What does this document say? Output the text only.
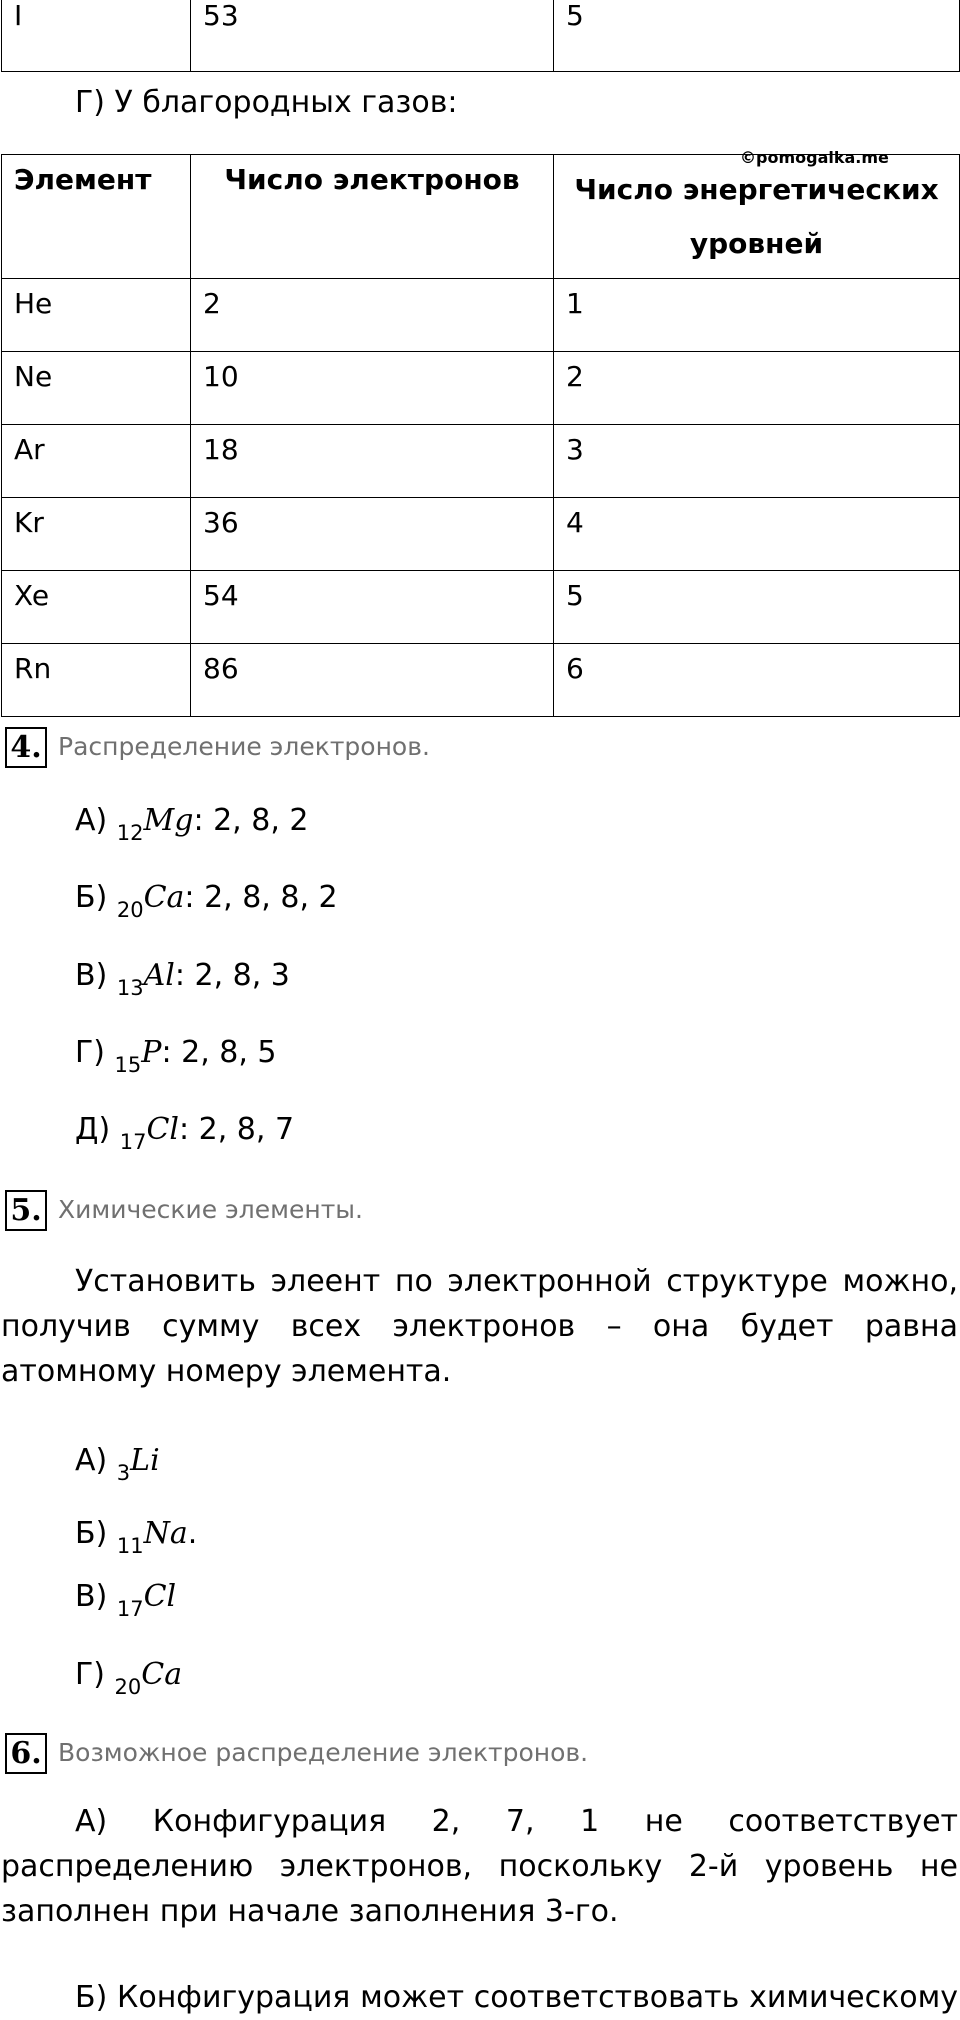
I	53	5
Г) У благородных газов:
Элемент	Число электронов	Число энергетических уровней
He	2	1
Ne	10	2
Ar	18	3
Kr	36	4
Xe	54	5
Rn	86	6
©pomogalka.me
4. Распределение электронов.
А) $_{12}$Mg: 2, 8, 2
Б) $_{20}$Ca: 2, 8, 8, 2
В) $_{13}$Al: 2, 8, 3
Г) $_{15}$P: 2, 8, 5
Д) $_{17}$Cl: 2, 8, 7
5. Химические элементы.
Установить элеент по электронной структуре можно, получив сумму всех электронов – она будет равна атомному номеру элемента.
А) $_3$Li
Б) $_{11}$Na.
В) $_{17}$Cl
Г) $_{20}$Ca
6. Возможное распределение электронов.
А) Конфигурация 2, 7, 1 не соответствует распределению электронов, поскольку 2-й уровень не заполнен при начале заполнения 3-го.
Б) Конфигурация может соответствовать химическому
